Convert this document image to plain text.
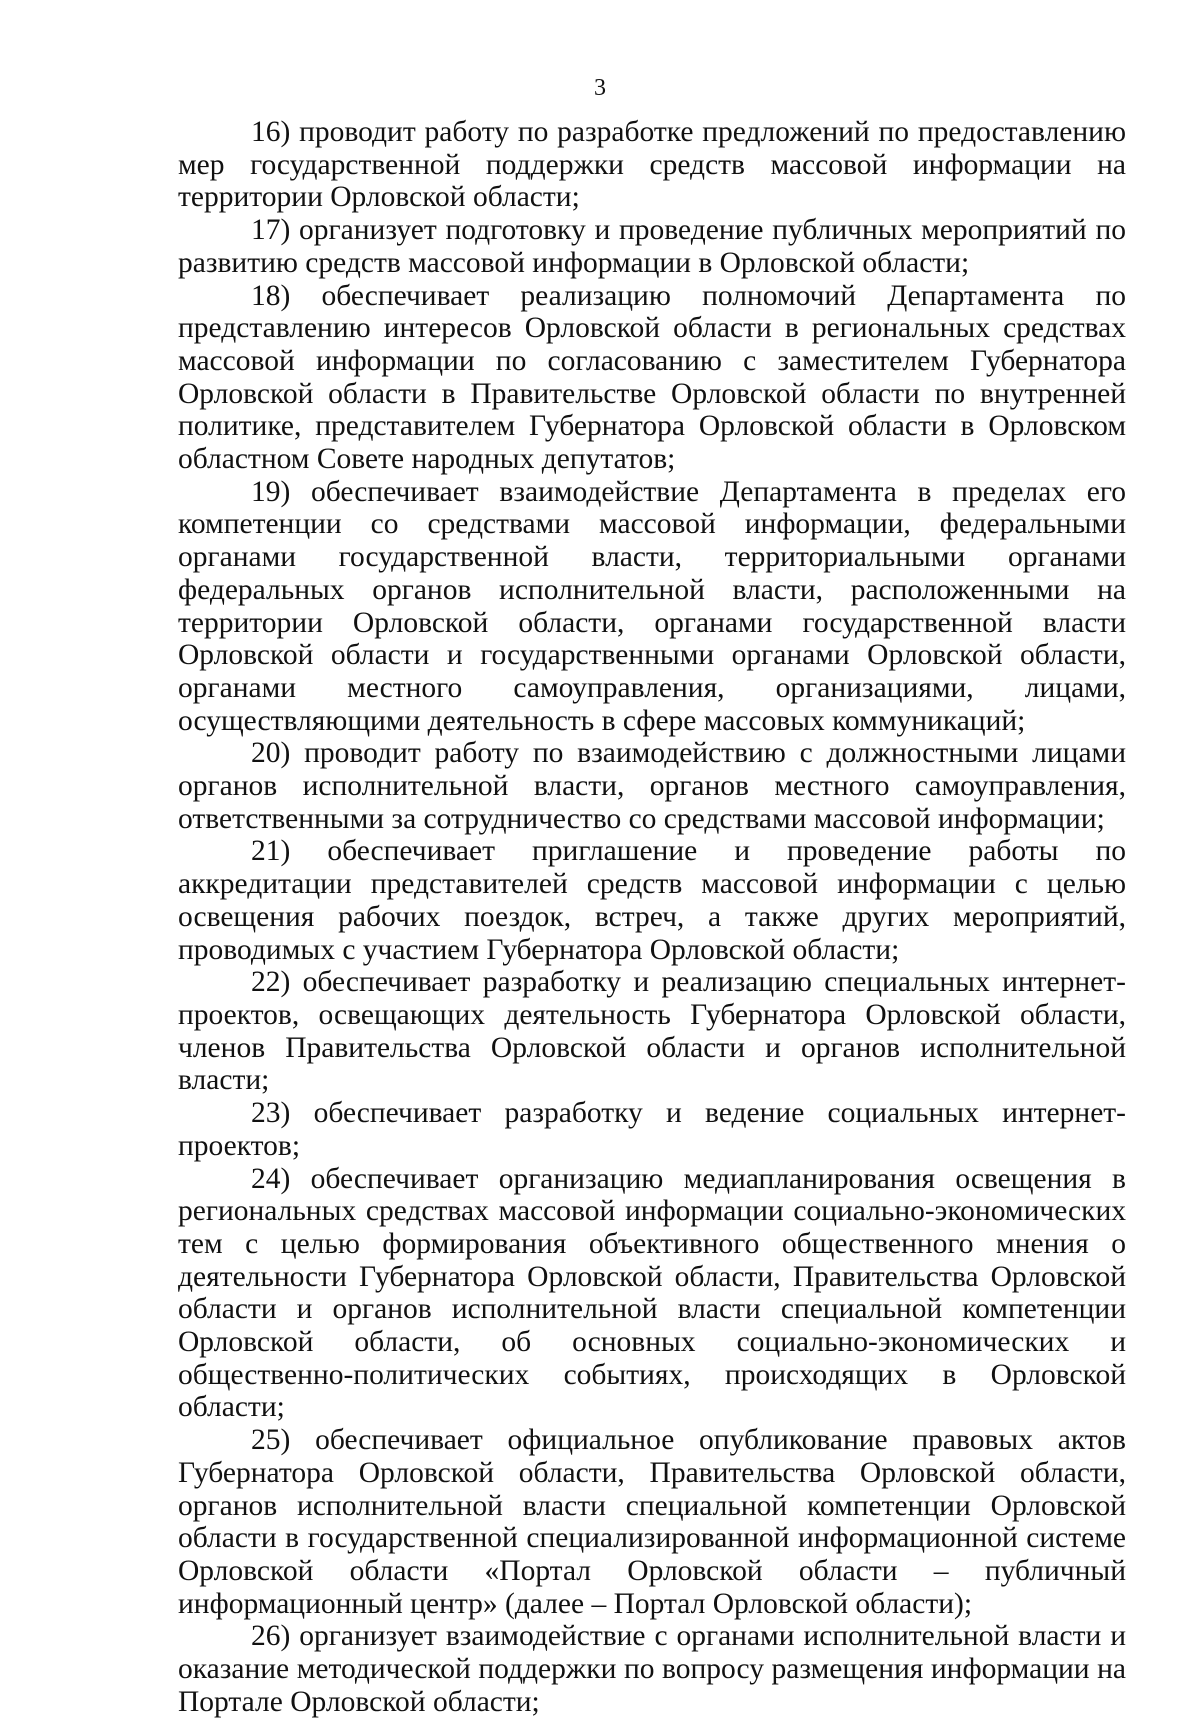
3

16) проводит работу по разработке предложений по предоставлению мер государственной поддержки средств массовой информации на территории Орловской области;

17) организует подготовку и проведение публичных мероприятий по развитию средств массовой информации в Орловской области;

18) обеспечивает реализацию полномочий Департамента по представлению интересов Орловской области в региональных средствах массовой информации по согласованию с заместителем Губернатора Орловской области в Правительстве Орловской области по внутренней политике, представителем Губернатора Орловской области в Орловском областном Совете народных депутатов;

19) обеспечивает взаимодействие Департамента в пределах его компетенции со средствами массовой информации, федеральными органами государственной власти, территориальными органами федеральных органов исполнительной власти, расположенными на территории Орловской области, органами государственной власти Орловской области и государственными органами Орловской области, органами местного самоуправления, организациями, лицами, осуществляющими деятельность в сфере массовых коммуникаций;

20) проводит работу по взаимодействию с должностными лицами органов исполнительной власти, органов местного самоуправления, ответственными за сотрудничество со средствами массовой информации;

21) обеспечивает приглашение и проведение работы по аккредитации представителей средств массовой информации с целью освещения рабочих поездок, встреч, а также других мероприятий, проводимых с участием Губернатора Орловской области;

22) обеспечивает разработку и реализацию специальных интернет-проектов, освещающих деятельность Губернатора Орловской области, членов Правительства Орловской области и органов исполнительной власти;

23) обеспечивает разработку и ведение социальных интернет-проектов;

24) обеспечивает организацию медиапланирования освещения в региональных средствах массовой информации социально-экономических тем с целью формирования объективного общественного мнения о деятельности Губернатора Орловской области, Правительства Орловской области и органов исполнительной власти специальной компетенции Орловской области, об основных социально-экономических и общественно-политических событиях, происходящих в Орловской области;

25) обеспечивает официальное опубликование правовых актов Губернатора Орловской области, Правительства Орловской области, органов исполнительной власти специальной компетенции Орловской области в государственной специализированной информационной системе Орловской области «Портал Орловской области – публичный информационный центр» (далее – Портал Орловской области);

26) организует взаимодействие с органами исполнительной власти и оказание методической поддержки по вопросу размещения информации на Портале Орловской области;
